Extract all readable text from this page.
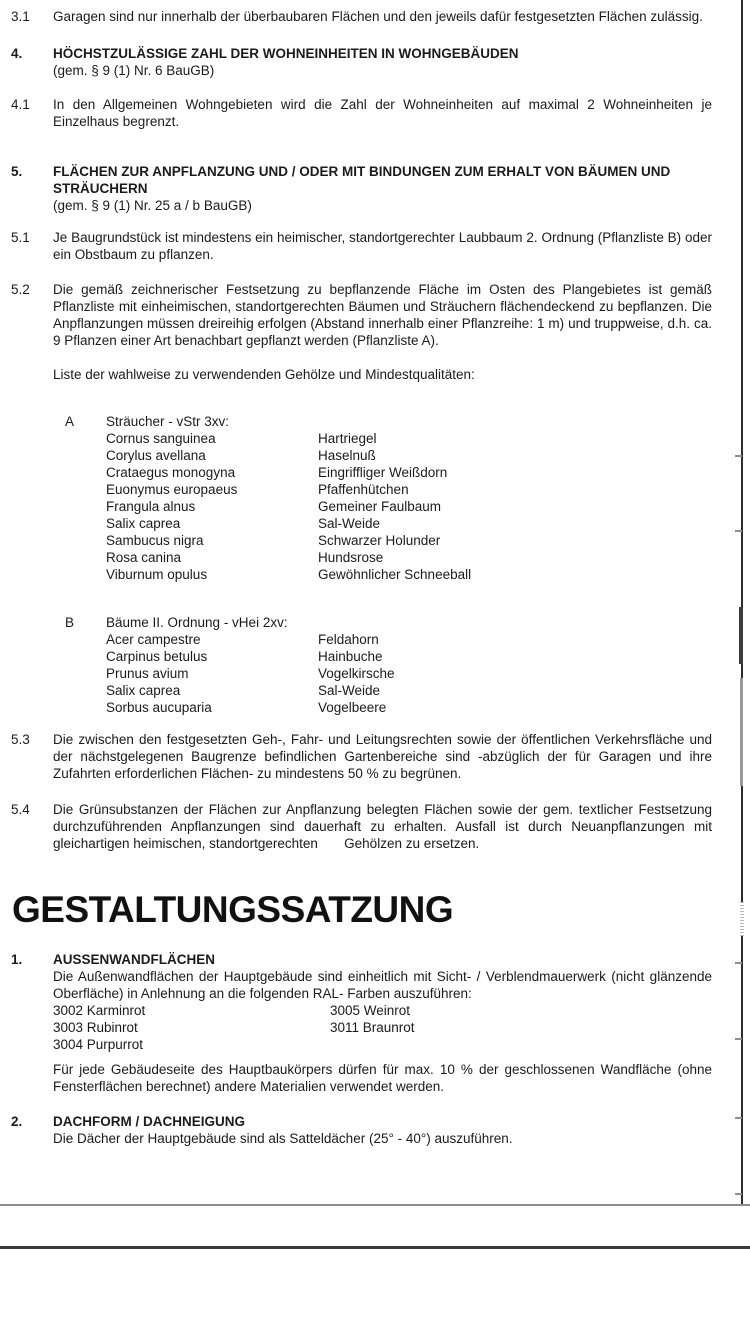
3.1	Garagen sind nur innerhalb der überbaubaren Flächen und den jeweils dafür festgesetzten Flächen zulässig.
4.	HÖCHSTZULÄSSIGE ZAHL DER WOHNEINHEITEN IN WOHNGEBÄUDEN
(gem. § 9 (1) Nr. 6 BauGB)
4.1	In den Allgemeinen Wohngebieten wird die Zahl der Wohneinheiten auf maximal 2 Wohneinheiten je Einzelhaus begrenzt.
5.	FLÄCHEN ZUR ANPFLANZUNG UND / ODER MIT BINDUNGEN ZUM ERHALT VON BÄUMEN UND STRÄUCHERN
(gem. § 9 (1) Nr. 25 a / b BauGB)
5.1	Je Baugrundstück ist mindestens ein heimischer, standortgerechter Laubbaum 2. Ordnung (Pflanzliste B) oder ein Obstbaum zu pflanzen.
5.2	Die gemäß zeichnerischer Festsetzung zu bepflanzende Fläche im Osten des Plangebietes ist gemäß Pflanzliste mit einheimischen, standortgerechten Bäumen und Sträuchern flächendeckend zu bepflanzen. Die Anpflanzungen müssen dreireihig erfolgen (Abstand innerhalb einer Pflanzreihe: 1 m) und truppweise, d.h. ca. 9 Pflanzen einer Art benachbart gepflanzt werden (Pflanzliste A).
Liste der wahlweise zu verwendenden Gehölze und Mindestqualitäten:
A	Sträucher - vStr 3xv:
Cornus sanguinea	Hartriegel
Corylus avellana	Haselnuß
Crataegus monogyna	Eingriffliger Weißdorn
Euonymus europaeus	Pfaffenhütchen
Frangula alnus	Gemeiner Faulbaum
Salix caprea	Sal-Weide
Sambucus nigra	Schwarzer Holunder
Rosa canina	Hundsrose
Viburnum opulus	Gewöhnlicher Schneeball
B	Bäume II. Ordnung - vHei 2xv:
Acer campestre	Feldahorn
Carpinus betulus	Hainbuche
Prunus avium	Vogelkirsche
Salix caprea	Sal-Weide
Sorbus aucuparia	Vogelbeere
5.3	Die zwischen den festgesetzten Geh-, Fahr- und Leitungsrechten sowie der öffentlichen Verkehrsfläche und der nächstgelegenen Baugrenze befindlichen Gartenbereiche sind -abzüglich der für Garagen und ihre Zufahrten erforderlichen Flächen- zu mindestens 50 % zu begrünen.
5.4	Die Grünsubstanzen der Flächen zur Anpflanzung belegten Flächen sowie der gem. textlicher Festsetzung durchzuführenden Anpflanzungen sind dauerhaft zu erhalten. Ausfall ist durch Neuanpflanzungen mit gleichartigen heimischen, standortgerechten       Gehölzen zu ersetzen.
GESTALTUNGSSATZUNG
1.	AUSSENWANDFLÄCHEN
Die Außenwandflächen der Hauptgebäude sind einheitlich mit Sicht- / Verblendmauerwerk (nicht glänzende Oberfläche) in Anlehnung an die folgenden RAL- Farben auszuführen:
3002 Karminrot	3005 Weinrot
3003 Rubinrot	3011 Braunrot
3004 Purpurrot
Für jede Gebäudeseite des Hauptbaukörpers dürfen für max. 10 % der geschlossenen Wandfläche (ohne Fensterflächen berechnet) andere Materialien verwendet werden.
2.	DACHFORM / DACHNEIGUNG
Die Dächer der Hauptgebäude sind als Satteldächer (25° - 40°) auszuführen.
